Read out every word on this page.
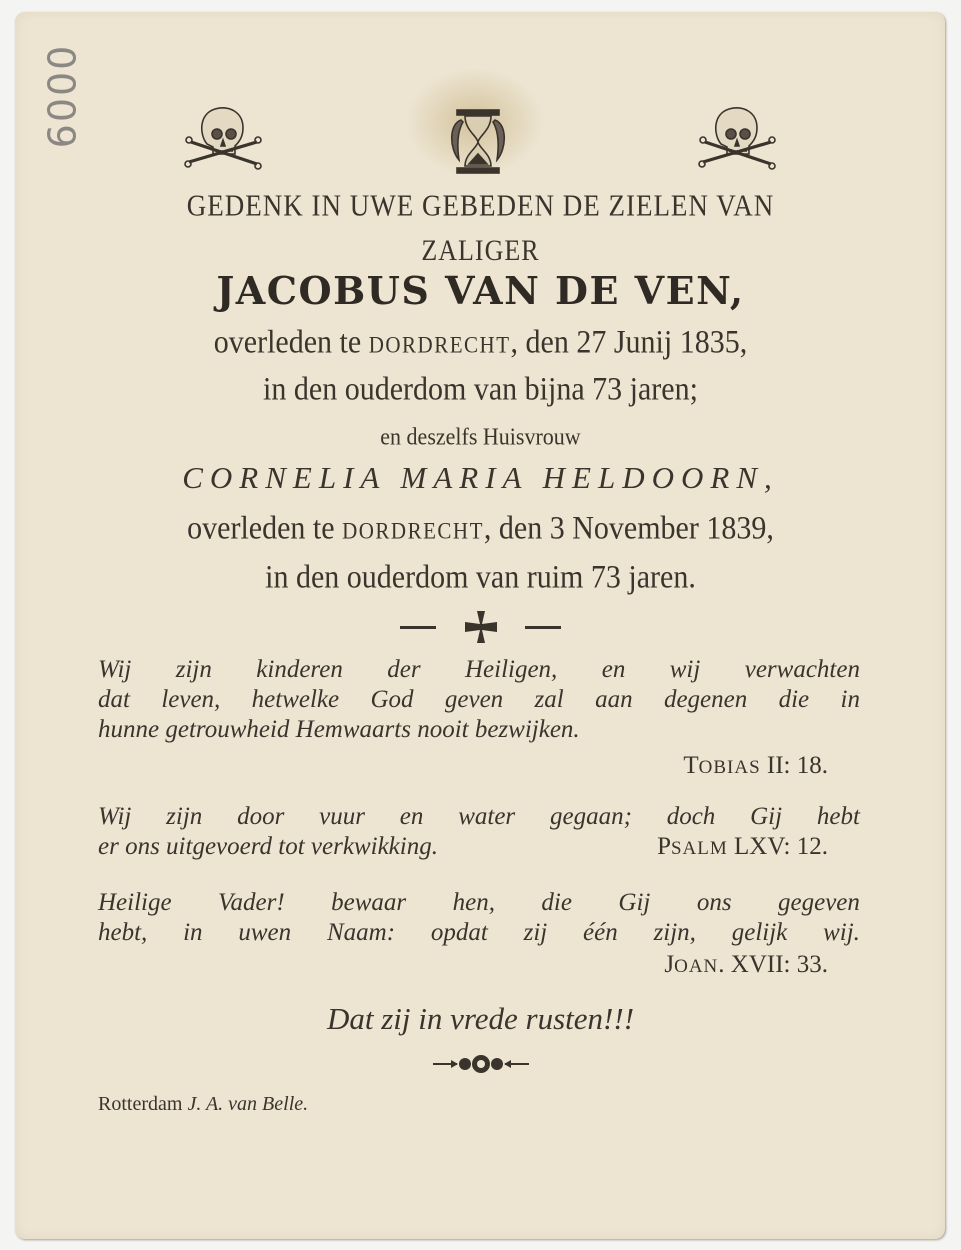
6000
GEDENK IN UWE GEBEDEN DE ZIELEN VAN
ZALIGER
JACOBUS VAN DE VEN,
overleden te DORDRECHT, den 27 Junij 1835,
in den ouderdom van bijna 73 jaren;
en deszelfs Huisvrouw
CORNELIA MARIA HELDOORN,
overleden te DORDRECHT, den 3 November 1839,
in den ouderdom van ruim 73 jaren.

Wij zijn kinderen der Heiligen, en wij verwachten
dat leven, hetwelke God geven zal aan degenen die in
hunne getrouwheid Hemwaarts nooit bezwijken.
TOBIAS II: 18.
Wij zijn door vuur en water gegaan; doch Gij hebt
er ons uitgevoerd tot verkwikking.	PSALM LXV: 12.
Heilige Vader! bewaar hen, die Gij ons gegeven
hebt, in uwen Naam: opdat zij één zijn, gelijk wij.
JOAN. XVII: 33.
Dat zij in vrede rusten!!!
Rotterdam J. A. van Belle.
